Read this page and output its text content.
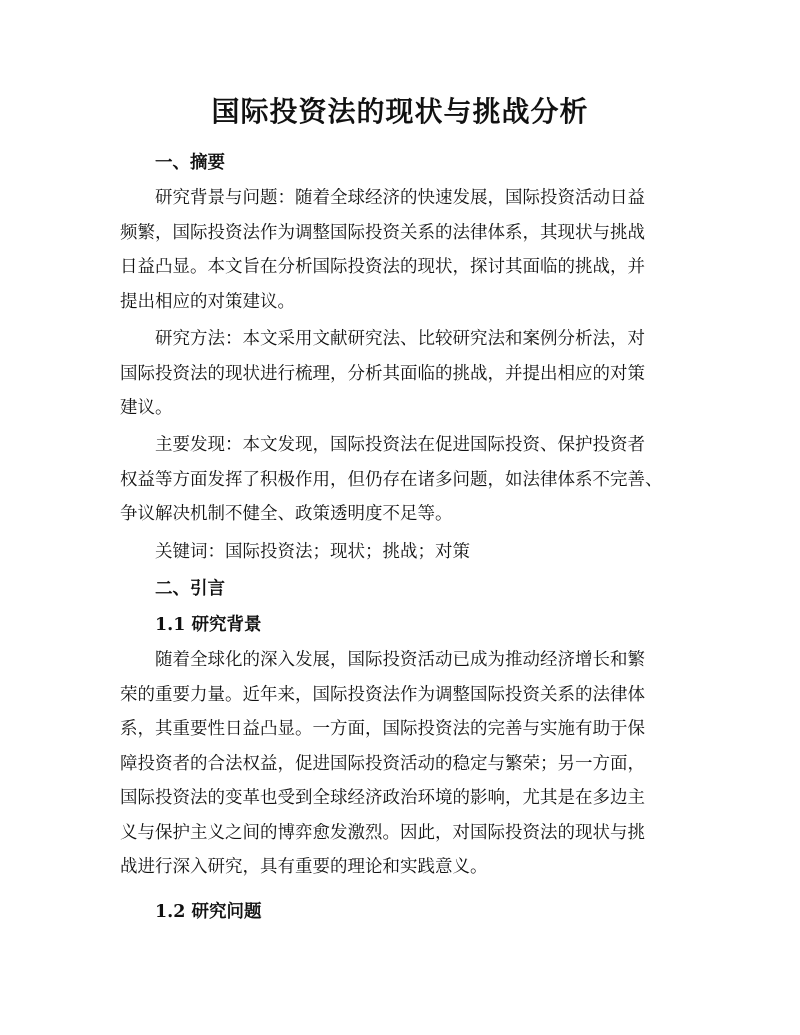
国际投资法的现状与挑战分析
一、摘要

研究背景与问题：随着全球经济的快速发展，国际投资活动日益
频繁，国际投资法作为调整国际投资关系的法律体系，其现状与挑战
日益凸显。本文旨在分析国际投资法的现状，探讨其面临的挑战，并
提出相应的对策建议。

研究方法：本文采用文献研究法、比较研究法和案例分析法，对
国际投资法的现状进行梳理，分析其面临的挑战，并提出相应的对策
建议。

主要发现：本文发现，国际投资法在促进国际投资、保护投资者
权益等方面发挥了积极作用，但仍存在诸多问题，如法律体系不完善、
争议解决机制不健全、政策透明度不足等。

关键词：国际投资法；现状；挑战；对策

二、引言
1.1 研究背景

随着全球化的深入发展，国际投资活动已成为推动经济增长和繁
荣的重要力量。近年来，国际投资法作为调整国际投资关系的法律体
系，其重要性日益凸显。一方面，国际投资法的完善与实施有助于保
障投资者的合法权益，促进国际投资活动的稳定与繁荣；另一方面，
国际投资法的变革也受到全球经济政治环境的影响，尤其是在多边主
义与保护主义之间的博弈愈发激烈。因此，对国际投资法的现状与挑
战进行深入研究，具有重要的理论和实践意义。

1.2 研究问题
